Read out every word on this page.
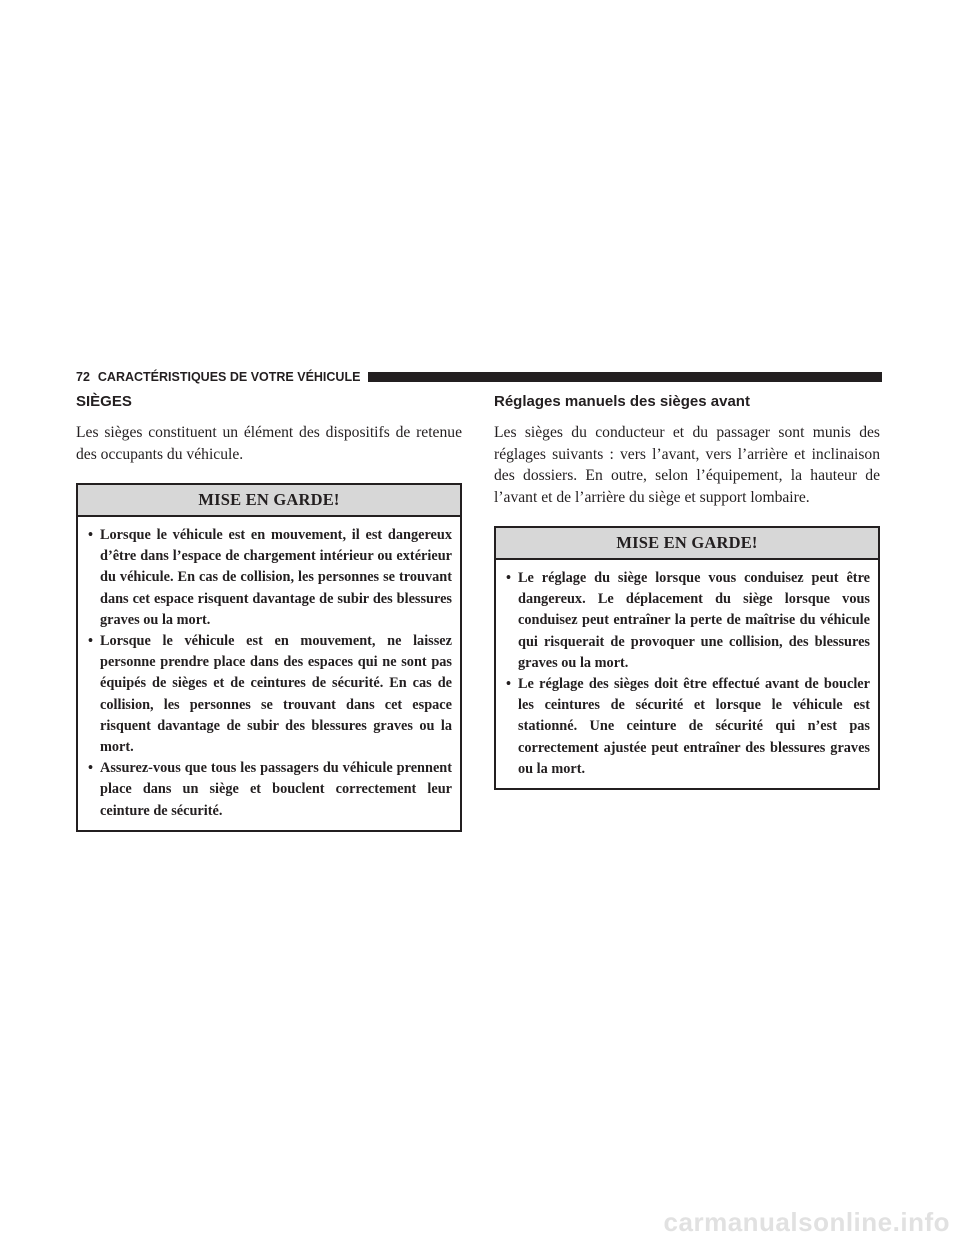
72 CARACTÉRISTIQUES DE VOTRE VÉHICULE
SIÈGES

Les sièges constituent un élément des dispositifs de retenue des occupants du véhicule.

MISE EN GARDE!
• Lorsque le véhicule est en mouvement, il est dangereux d’être dans l’espace de chargement intérieur ou extérieur du véhicule. En cas de collision, les personnes se trouvant dans cet espace risquent davantage de subir des blessures graves ou la mort.
• Lorsque le véhicule est en mouvement, ne laissez personne prendre place dans des espaces qui ne sont pas équipés de sièges et de ceintures de sécurité. En cas de collision, les personnes se trouvant dans cet espace risquent davantage de subir des blessures graves ou la mort.
• Assurez-vous que tous les passagers du véhicule prennent place dans un siège et bouclent correctement leur ceinture de sécurité.
Réglages manuels des sièges avant

Les sièges du conducteur et du passager sont munis des réglages suivants : vers l’avant, vers l’arrière et inclinaison des dossiers. En outre, selon l’équipement, la hauteur de l’avant et de l’arrière du siège et support lombaire.

MISE EN GARDE!
• Le réglage du siège lorsque vous conduisez peut être dangereux. Le déplacement du siège lorsque vous conduisez peut entraîner la perte de maîtrise du véhicule qui risquerait de provoquer une collision, des blessures graves ou la mort.
• Le réglage des sièges doit être effectué avant de boucler les ceintures de sécurité et lorsque le véhicule est stationné. Une ceinture de sécurité qui n’est pas correctement ajustée peut entraîner des blessures graves ou la mort.
carmanualsonline.info
